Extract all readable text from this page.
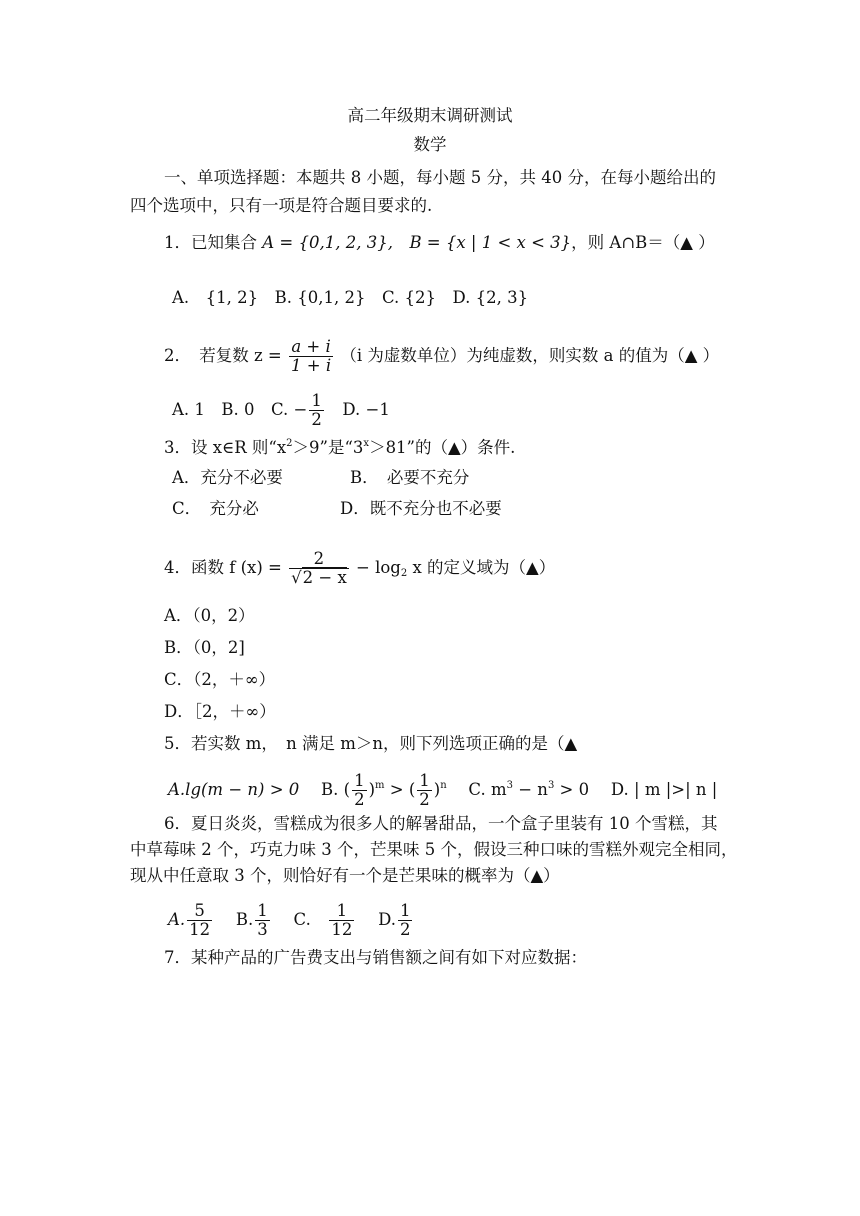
高二年级期末调研测试
数学
一、单项选择题：本题共 8 小题，每小题 5 分，共 40 分，在每小题给出的
四个选项中，只有一项是符合题目要求的.
1．已知集合 A = {0,1, 2, 3},　 B = {x | 1 < x < 3}，则 A∩B＝（▲ ）
A.　{1, 2}　B. {0,1, 2}　C. {2}　D. {2, 3}
2．　若复数 $z = \frac{a + i}{1 + i} (i$ 为虚数单位）为纯虚数，则实数 a 的值为（▲ ）
A. 1　B. 0　C. − $\frac{1}{2}$ 　D. −1
3．设 x∈R 则“$x^2>9$”是“$3^x>81$”的（▲）条件.
A．充分不必要	B．　必要不充分
C．　充分必	D．既不充分也不必要
4．函数 f $(x) = \frac{2}{√2 - x} - \log_2 x$ 的定义域为（▲）
A．（0，2）
B．（0，2]
C．（2，＋∞）
D．［2，＋∞）
5．若实数 m，　n 满足 m＞n，则下列选项正确的是（▲
A.lg(m − n) > 0　 B. ( $\frac{1}{2} )^m$ > ( $\frac{1}{2} )^n$　 C. $m^3 - n^3 > 0$　 D. | m |>| n |
6．夏日炎炎，雪糕成为很多人的解暑甜品，一个盒子里装有 10 个雪糕，其
中草莓味 2 个，巧克力味 3 个，芒果味 5 个，假设三种口味的雪糕外观完全相同，
现从中任意取 3 个，则恰好有一个是芒果味的概率为（▲）
A. $\frac{5}{12}$
　 B. $\frac{1}{3}$
　 C.　 $\frac{1}{12}$
　 D. $\frac{1}{2}$
7．某种产品的广告费支出与销售额之间有如下对应数据：
